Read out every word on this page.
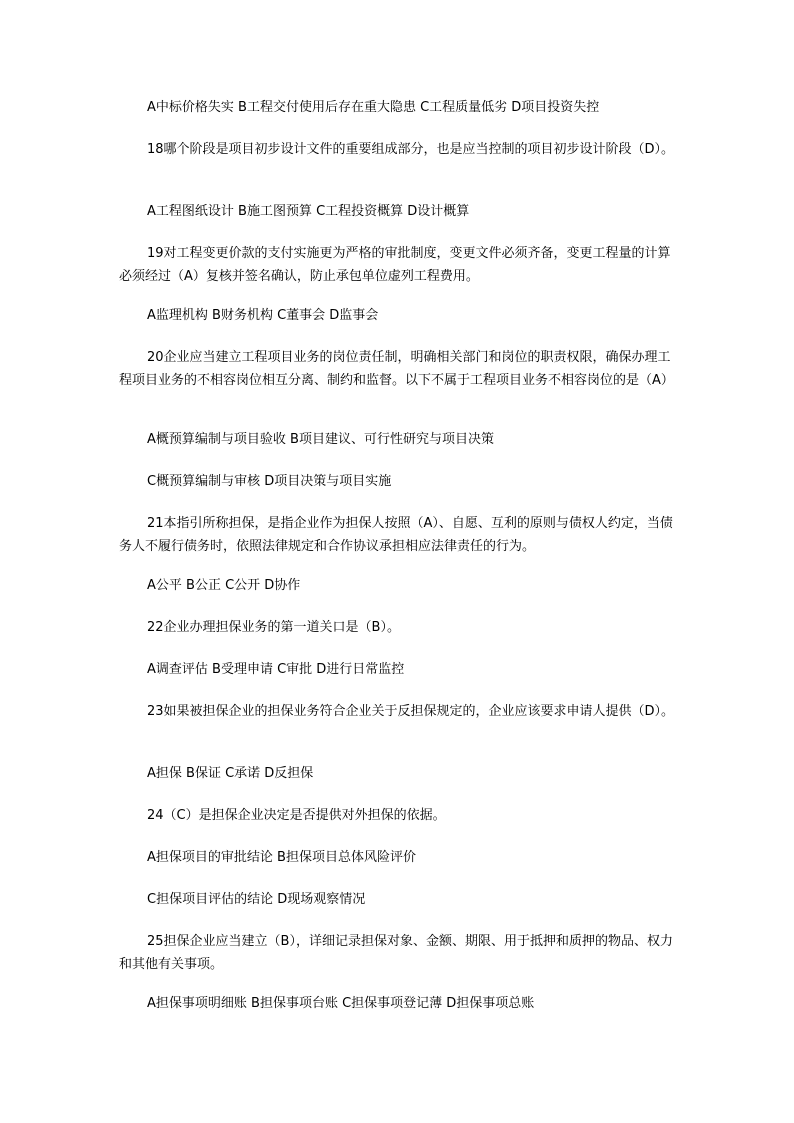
A中标价格失实 B工程交付使用后存在重大隐患 C工程质量低劣 D项目投资失控

18哪个阶段是项目初步设计文件的重要组成部分，也是应当控制的项目初步设计阶段（D）。

A工程图纸设计 B施工图预算 C工程投资概算 D设计概算

19对工程变更价款的支付实施更为严格的审批制度，变更文件必须齐备，变更工程量的计算必须经过（A）复核并签名确认，防止承包单位虚列工程费用。

A监理机构 B财务机构 C董事会 D监事会

20企业应当建立工程项目业务的岗位责任制，明确相关部门和岗位的职责权限，确保办理工程项目业务的不相容岗位相互分离、制约和监督。以下不属于工程项目业务不相容岗位的是（A）

A概预算编制与项目验收 B项目建议、可行性研究与项目决策

C概预算编制与审核 D项目决策与项目实施

21本指引所称担保，是指企业作为担保人按照（A）、自愿、互利的原则与债权人约定，当债务人不履行债务时，依照法律规定和合作协议承担相应法律责任的行为。

A公平 B公正 C公开 D协作

22企业办理担保业务的第一道关口是（B）。

A调查评估 B受理申请 C审批 D进行日常监控

23如果被担保企业的担保业务符合企业关于反担保规定的，企业应该要求申请人提供（D）。

A担保 B保证 C承诺 D反担保

24（C）是担保企业决定是否提供对外担保的依据。

A担保项目的审批结论 B担保项目总体风险评价

C担保项目评估的结论 D现场观察情况

25担保企业应当建立（B），详细记录担保对象、金额、期限、用于抵押和质押的物品、权力和其他有关事项。

A担保事项明细账 B担保事项台账 C担保事项登记薄 D担保事项总账
